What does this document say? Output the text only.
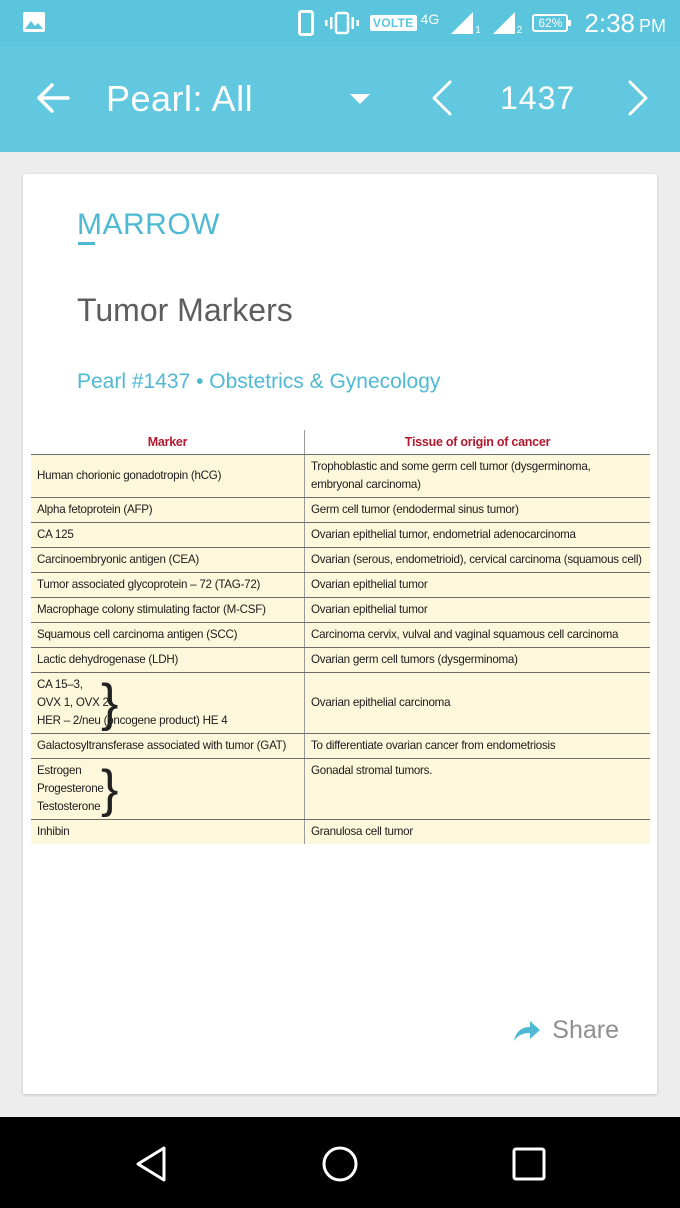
VOLTE 4G
1	2	62% 2:38 PM
Pearl: All	1437
MARROW
Tumor Markers
Pearl #1437 • Obstetrics & Gynecology
Marker	Tissue of origin of cancer

Human chorionic gonadotropin (hCG)	Trophoblastic and some germ cell tumor (dysgerminoma,
embryonal carcinoma)

Alpha fetoprotein (AFP)	Germ cell tumor (endodermal sinus tumor)

CA 125	Ovarian epithelial tumor, endometrial adenocarcinoma

Carcinoembryonic antigen (CEA)	Ovarian (serous, endometrioid), cervical carcinoma (squamous cell)

Tumor associated glycoprotein – 72 (TAG-72)	Ovarian epithelial tumor

Macrophage colony stimulating factor (M-CSF)	Ovarian epithelial tumor

Squamous cell carcinoma antigen (SCC)	Carcinoma cervix, vulval and vaginal squamous cell carcinoma

Lactic dehydrogenase (LDH)	Ovarian germ cell tumors (dysgerminoma)

CA 15–3,
OVX 1, OVX 2
HER – 2/neu (oncogene product) HE 4
}	Ovarian epithelial carcinoma

Galactosyltransferase associated with tumor (GAT)	To differentiate ovarian cancer from endometriosis

Estrogen
Progesterone
Testosterone }	Gonadal stromal tumors.

Inhibin	Granulosa cell tumor
Share
